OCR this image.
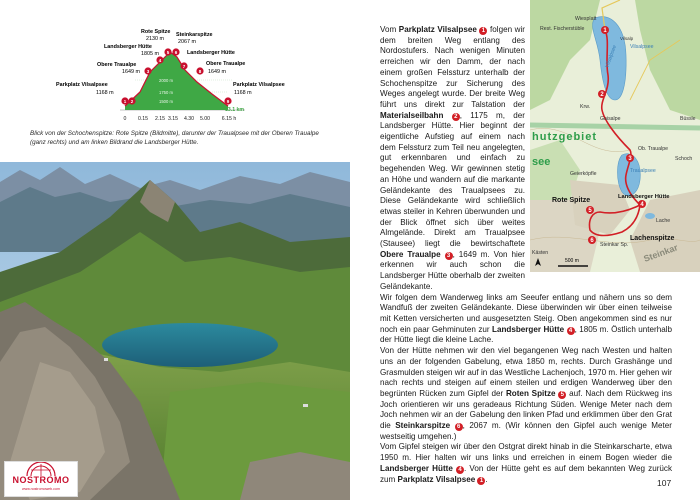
2000 m
1750 m
1500 m
0 0.15 2.15 3.15 4.30 5.00 6.15 h
13.1 km
Parkplatz Vilsalpsee
1168 m
1 2
Obere Traualpe
1649 m 3
Landsberger Hütte
1805 m
4
Rote Spitze
2130 m
5
Steinkarspitze
2067 m
6 Landsberger Hütte
7	Obere Traualpe
1649 m
8
Parkplatz Vilsalpsee
1168 m
9

Blick von der Schochenspitze: Rote Spitze (Bildmitte), darunter der Traualpsee mit der Oberen Traualpe (ganz rechts) und am linken Bildrand die Landsberger Hütte.

NOSTROMO
www.nostromoweb.com
1
2
3
4
5
6
Wiesplatt
Rest. Fischerstüble
Vilsalpsee
Vilsalpsee
Krw.
Gaisalpe	Büssle
Vilsalp
hutzgebiet
see
Geierköpfle
Ob. Traualpe
Traualpsee
Schoch
Lache
Kästen
Steinkar Sp.
Rote Spitze	Landsberger Hütte
Lachenspitze
Steinkar
500 m

Vom Parkplatz Vilsalpsee 1 folgen wir dem breiten Weg entlang des Nordostufers. Nach wenigen Minuten erreichen wir den Damm, der nach einem großen Felssturz unterhalb der Schochenspitze zur Sicherung des Weges angelegt wurde. Der breite Weg führt uns direkt zur Talstation der Materialseilbahn 2 , 1175 m, der Landsberger Hütte. Hier beginnt der eigentliche Aufstieg auf einem nach dem Felssturz zum Teil neu angelegten, gut erkennbaren und einfach zu begehenden Weg. Wir gewinnen stetig an Höhe und wandern auf die markante Geländekante des Traualpsees zu. Diese Geländekante wird schließlich etwas steiler in Kehren überwunden und der Blick öffnet sich über weites Almgelände. Direkt am Traualpsee (Stausee) liegt die bewirtschaftete Obere Traualpe 3 , 1649 m. Von hier erkennen wir auch schon die Landsberger Hütte oberhalb der zweiten Geländekante.

Wir folgen dem Wanderweg links am Seeufer entlang und nähern uns so dem Wandfuß der zweiten Geländekante. Diese überwinden wir über einen teilweise mit Ketten versicherten und ausgesetzten Steig. Oben angekommen sind es nur noch ein paar Gehminuten zur Landsberger Hütte 4 , 1805 m. Östlich unterhalb der Hütte liegt die kleine Lache.

Von der Hütte nehmen wir den viel begangenen Weg nach Westen und halten uns an der folgenden Gabelung, etwa 1850 m, rechts. Durch Grashänge und Grasmulden steigen wir auf in das Westliche Lachenjoch, 1970 m. Hier gehen wir nach rechts und steigen auf einem steilen und erdigen Wanderweg über den begrünten Rücken zum Gipfel der Roten Spitze 5 auf. Nach dem Rückweg ins Joch orientieren wir uns geradeaus Richtung Süden. Wenige Meter nach dem Joch nehmen wir an der Gabelung den linken Pfad und erklimmen über den Grat die Steinkarspitze 6 , 2067 m. (Wir können den Gipfel auch wenige Meter westseitig umgehen.)

Vom Gipfel steigen wir über den Ostgrat direkt hinab in die Steinkarscharte, etwa 1950 m. Hier halten wir uns links und erreichen in einem Bogen wieder die Landsberger Hütte 4 . Von der Hütte geht es auf dem bekannten Weg zurück zum Parkplatz Vilsalpsee 1 .	107
